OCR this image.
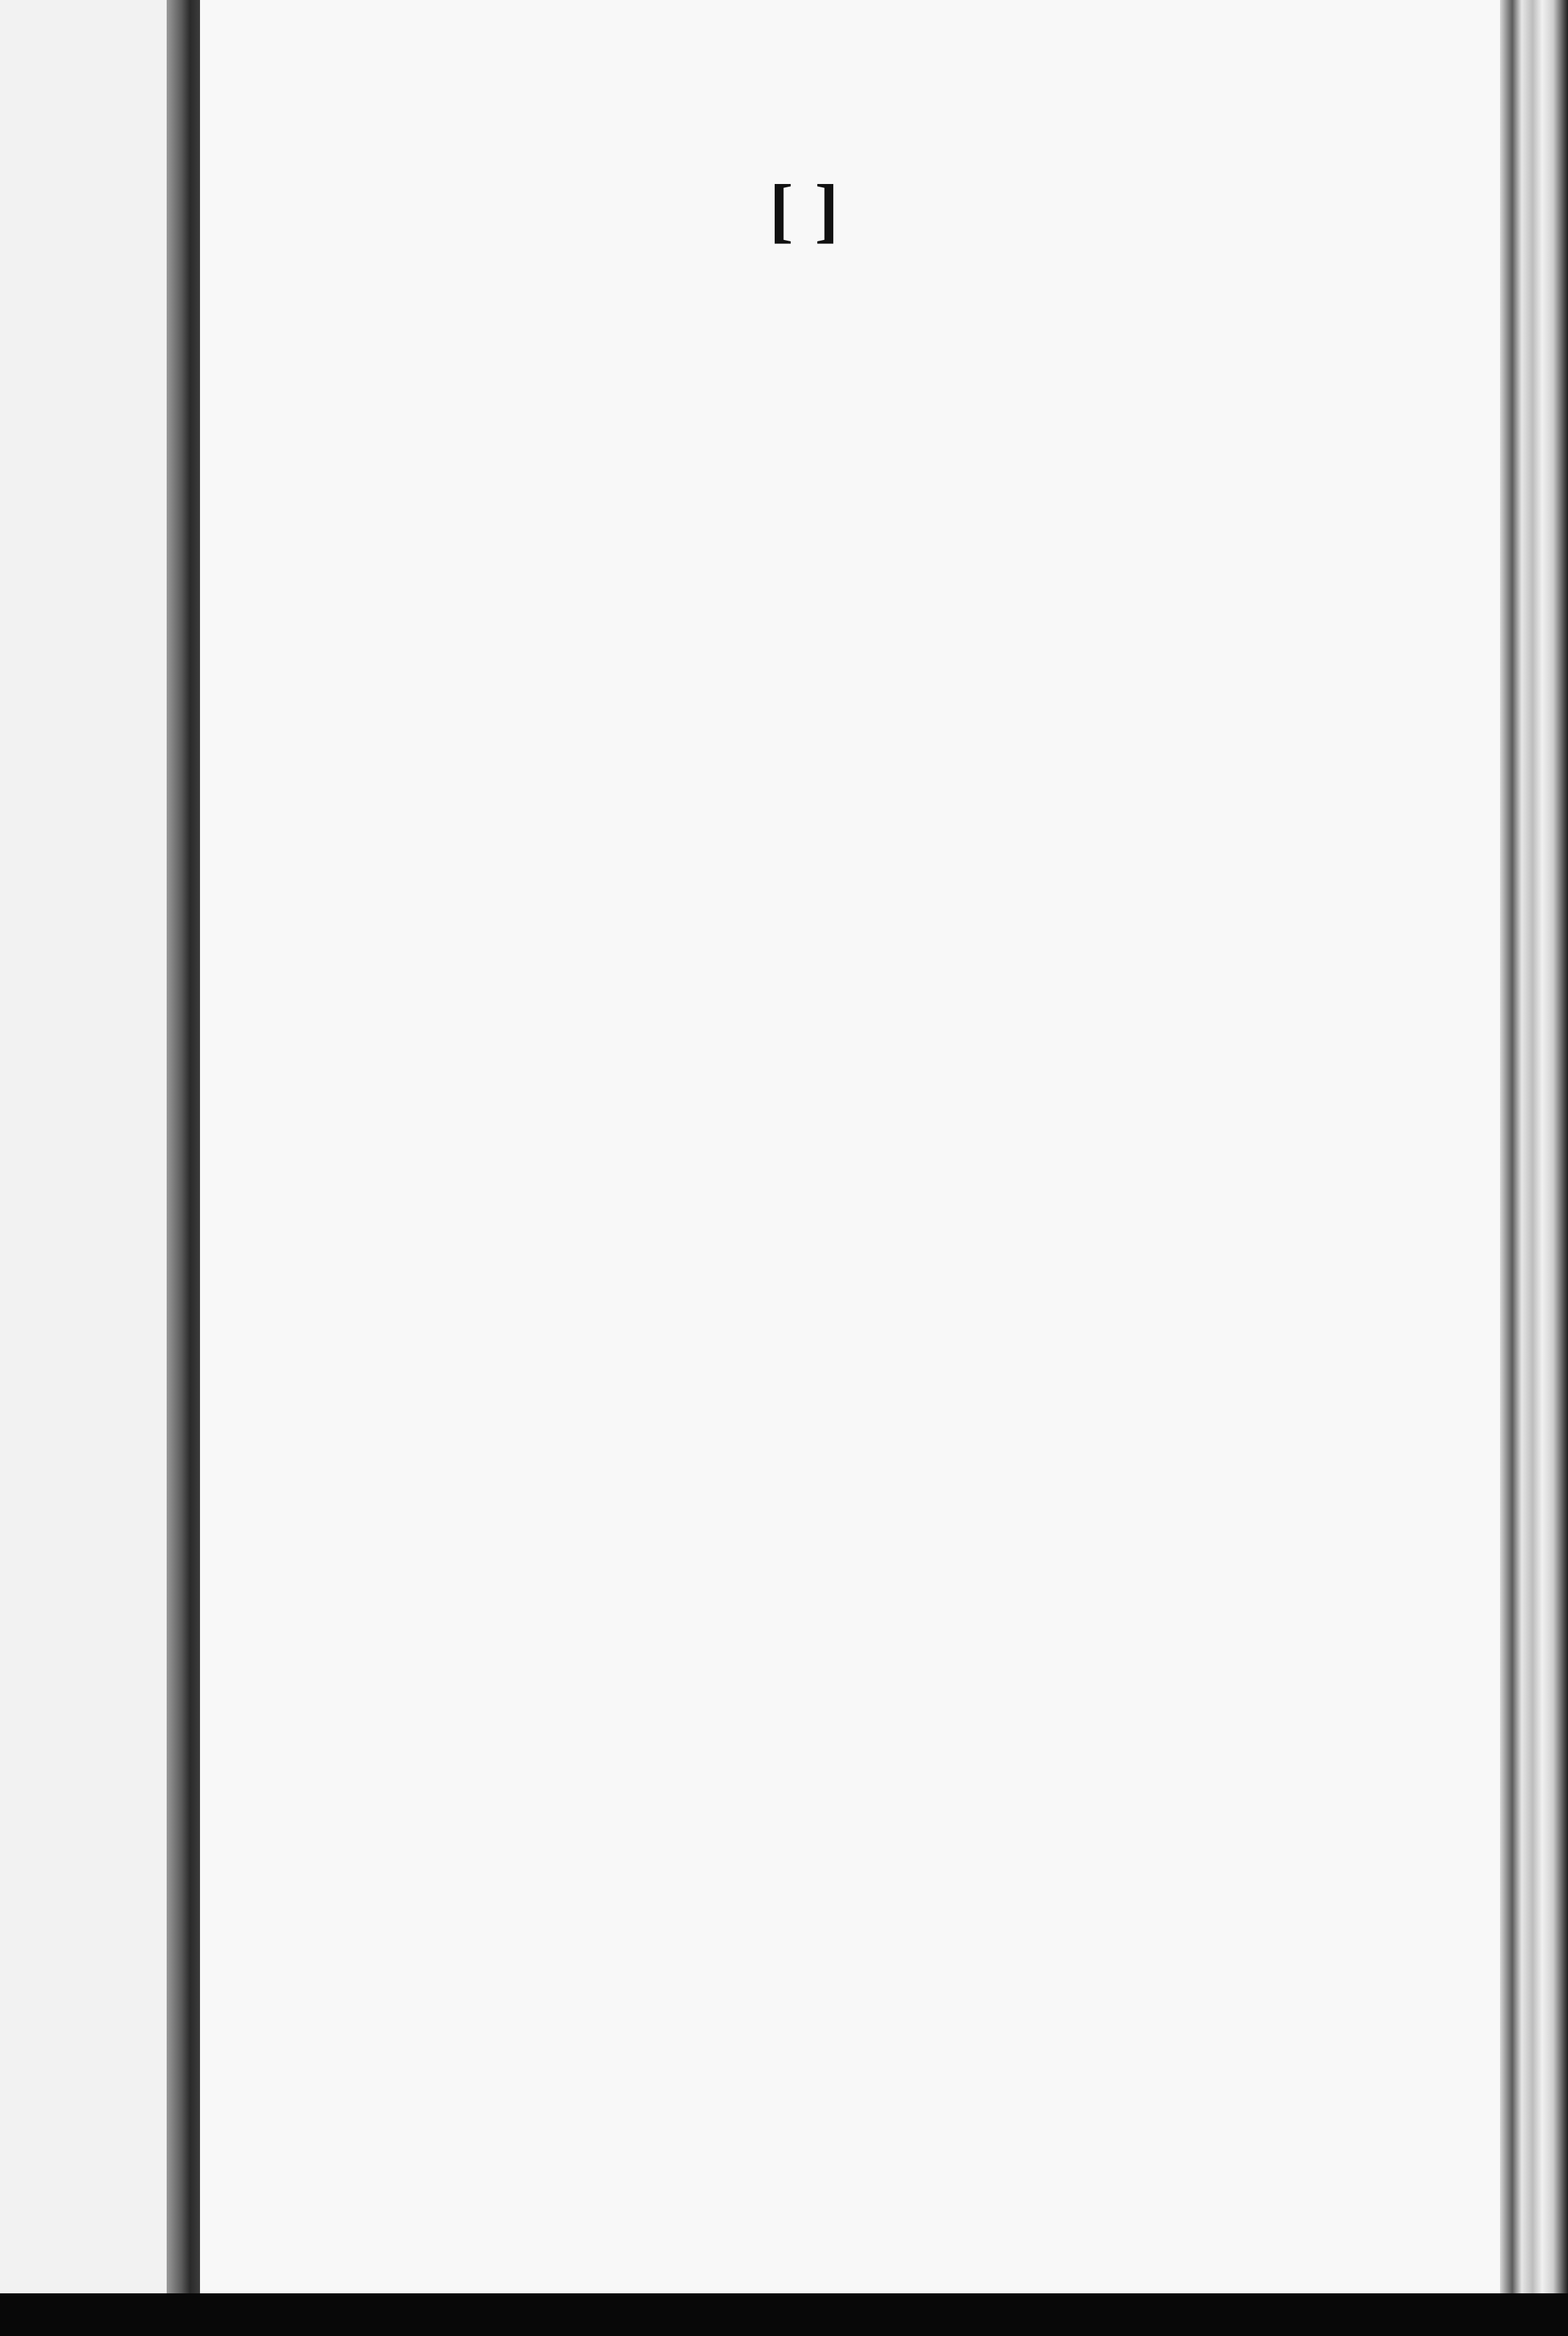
[ ]
